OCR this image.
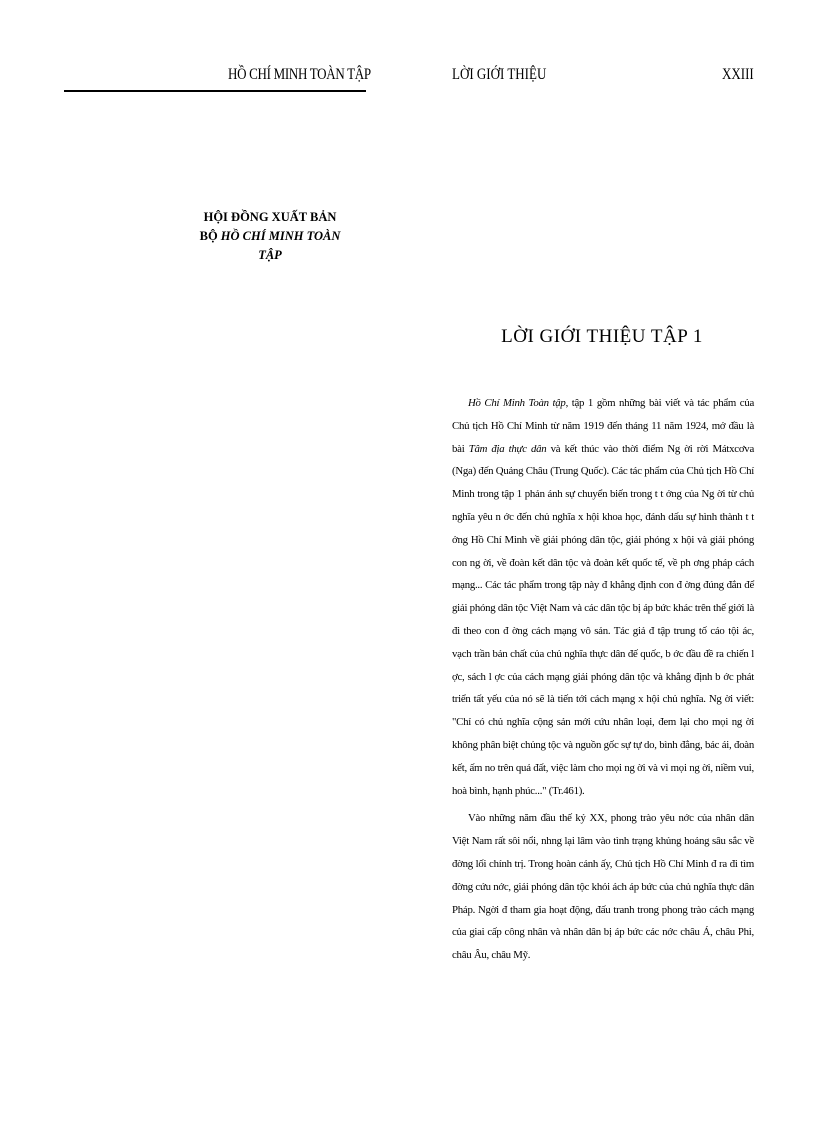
HỒ CHÍ MINH TOÀN TẬP	LỜI GIỚI THIỆU	XXIII
HỘI ĐỒNG XUẤT BẢN
BỘ HỒ CHÍ MINH TOÀN TẬP
LỜI GIỚI THIỆU TẬP 1

Hồ Chí Minh Toàn tập, tập 1 gồm những bài viết và tác phẩm của Chủ tịch Hồ Chí Minh từ năm 1919 đến tháng 11 năm 1924, mở đầu là bài Tâm địa thực dân và kết thúc vào thời điểm Ng ời rời Mátxcơva (Nga) đến Quảng Châu (Trung Quốc). Các tác phẩm của Chủ tịch Hồ Chí Minh trong tập 1 phản ánh sự chuyển biến trong t t ởng của Ng ời từ chủ nghĩa yêu n ớc đến chủ nghĩa x hội khoa học, đánh dấu sự hình thành t t ởng Hồ Chí Minh về giải phóng dân tộc, giải phóng x hội và giải phóng con ng ời, về đoàn kết dân tộc và đoàn kết quốc tế, về ph ơng pháp cách mạng... Các tác phẩm trong tập này đ khẳng định con đ ờng đúng đắn để giải phóng dân tộc Việt Nam và các dân tộc bị áp bức khác trên thế giới là đi theo con đ ờng cách mạng vô sản. Tác giả đ tập trung tố cáo tội ác, vạch trần bản chất của chủ nghĩa thực dân đế quốc, b ớc đầu đề ra chiến l ợc, sách l ợc của cách mạng giải phóng dân tộc và khẳng định b ớc phát triển tất yếu của nó sẽ là tiến tới cách mạng x hội chủ nghĩa. Ng ời viết: "Chỉ có chủ nghĩa cộng sản mới cứu nhân loại, đem lại cho mọi ng ời không phân biệt chủng tộc và nguồn gốc sự tự do, bình đẳng, bác ái, đoàn kết, ấm no trên quả đất, việc làm cho mọi ng ời và vì mọi ng ời, niềm vui, hoà bình, hạnh phúc..." (Tr.461).

Vào những năm đầu thế kỷ XX, phong trào yêu nớc của nhân dân Việt Nam rất sôi nổi, nhng lại lâm vào tình trạng khủng hoảng sâu sắc về đờng lối chính trị. Trong hoàn cảnh ấy, Chủ tịch Hồ Chí Minh đ ra đi tìm đờng cứu nớc, giải phóng dân tộc khỏi ách áp bức của chủ nghĩa thực dân Pháp. Ngời đ tham gia hoạt động, đấu tranh trong phong trào cách mạng của giai cấp công nhân và nhân dân bị áp bức các nớc châu Á, châu Phi, châu Âu, châu Mỹ.
